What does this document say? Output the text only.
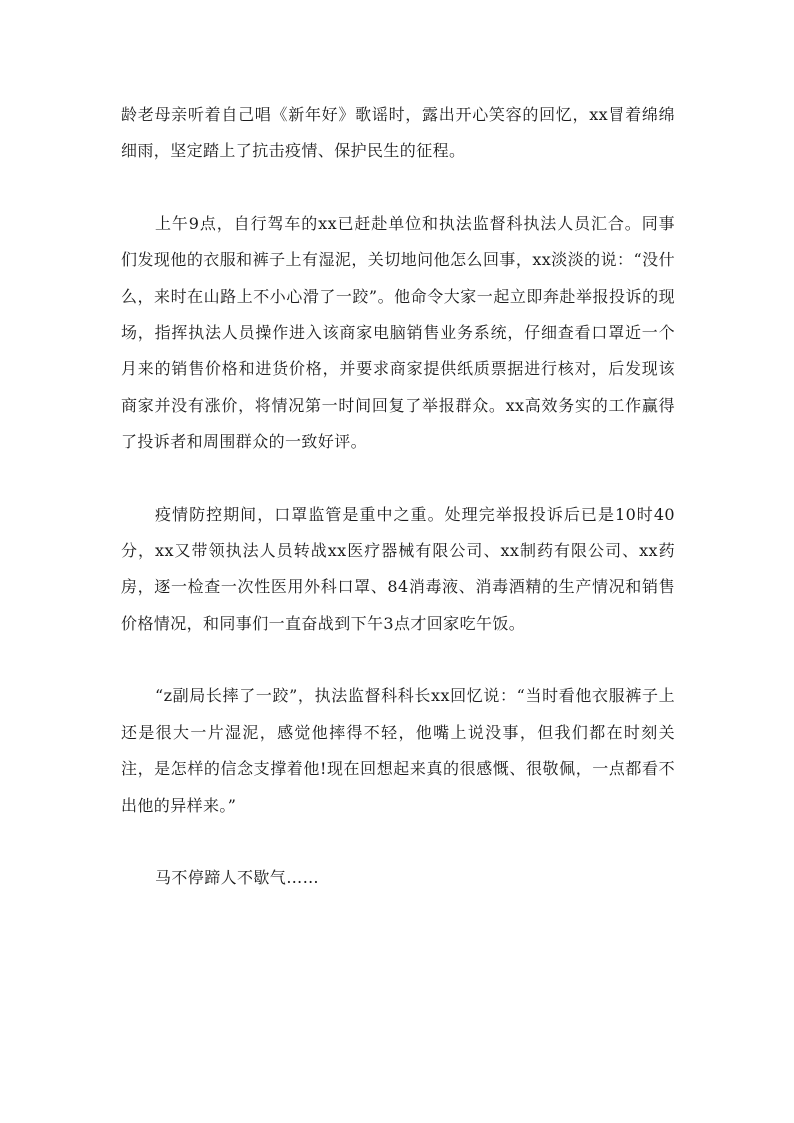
龄老母亲听着自己唱《新年好》歌谣时，露出开心笑容的回忆，xx冒着绵绵细雨，坚定踏上了抗击疫情、保护民生的征程。

上午9点，自行驾车的xx已赶赴单位和执法监督科执法人员汇合。同事们发现他的衣服和裤子上有湿泥，关切地问他怎么回事，xx淡淡的说：“没什么，来时在山路上不小心滑了一跤”。他命令大家一起立即奔赴举报投诉的现场，指挥执法人员操作进入该商家电脑销售业务系统，仔细查看口罩近一个月来的销售价格和进货价格，并要求商家提供纸质票据进行核对，后发现该商家并没有涨价，将情况第一时间回复了举报群众。xx高效务实的工作赢得了投诉者和周围群众的一致好评。

疫情防控期间，口罩监管是重中之重。处理完举报投诉后已是10时40分，xx又带领执法人员转战xx医疗器械有限公司、xx制药有限公司、xx药房，逐一检查一次性医用外科口罩、84消毒液、消毒酒精的生产情况和销售价格情况，和同事们一直奋战到下午3点才回家吃午饭。

“z副局长摔了一跤”，执法监督科科长xx回忆说：“当时看他衣服裤子上还是很大一片湿泥，感觉他摔得不轻，他嘴上说没事，但我们都在时刻关注，是怎样的信念支撑着他!现在回想起来真的很感慨、很敬佩，一点都看不出他的异样来。”

马不停蹄人不歇气……
